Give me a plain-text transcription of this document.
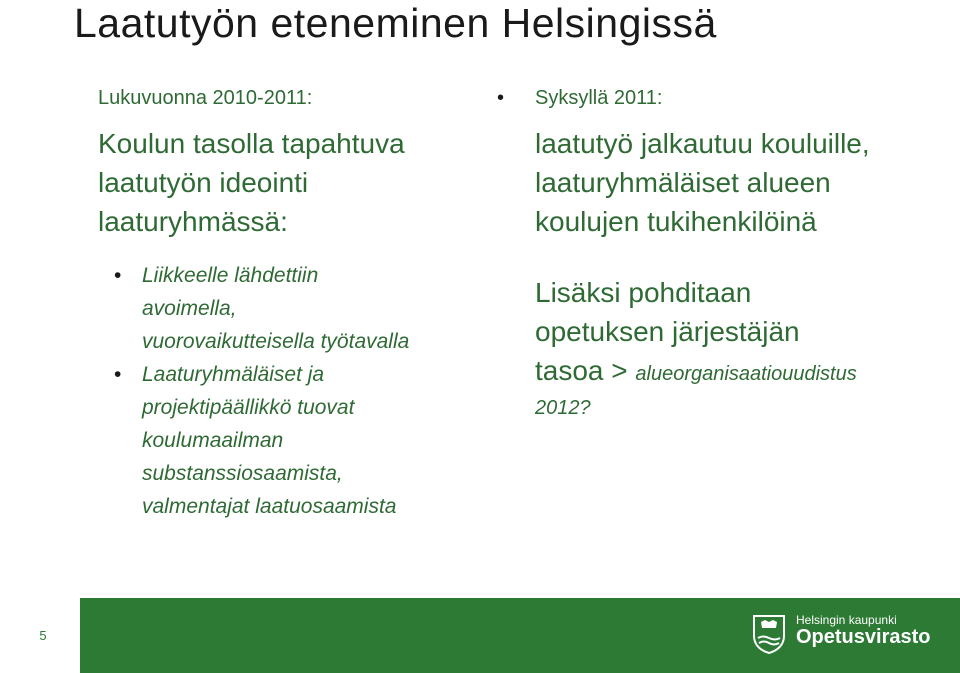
Laatutyön eteneminen Helsingissä
Lukuvuonna 2010-2011:
Koulun tasolla tapahtuva
laatutyön ideointi
laaturyhmässä:
• Liikkeelle lähdettiin
avoimella,
vuorovaikutteisella työtavalla
• Laaturyhmäläiset ja
projektipäällikkö tuovat
koulumaailman
substanssiosaamista,
valmentajat laatuosaamista
• Syksyllä 2011:
laatutyö jalkautuu kouluille,
laaturyhmäläiset alueen
koulujen tukihenkilöinä
Lisäksi pohditaan
opetuksen järjestäjän
tasoa > alueorganisaatiouudistus
2012?
5
Helsingin kaupunki
Opetusvirasto
